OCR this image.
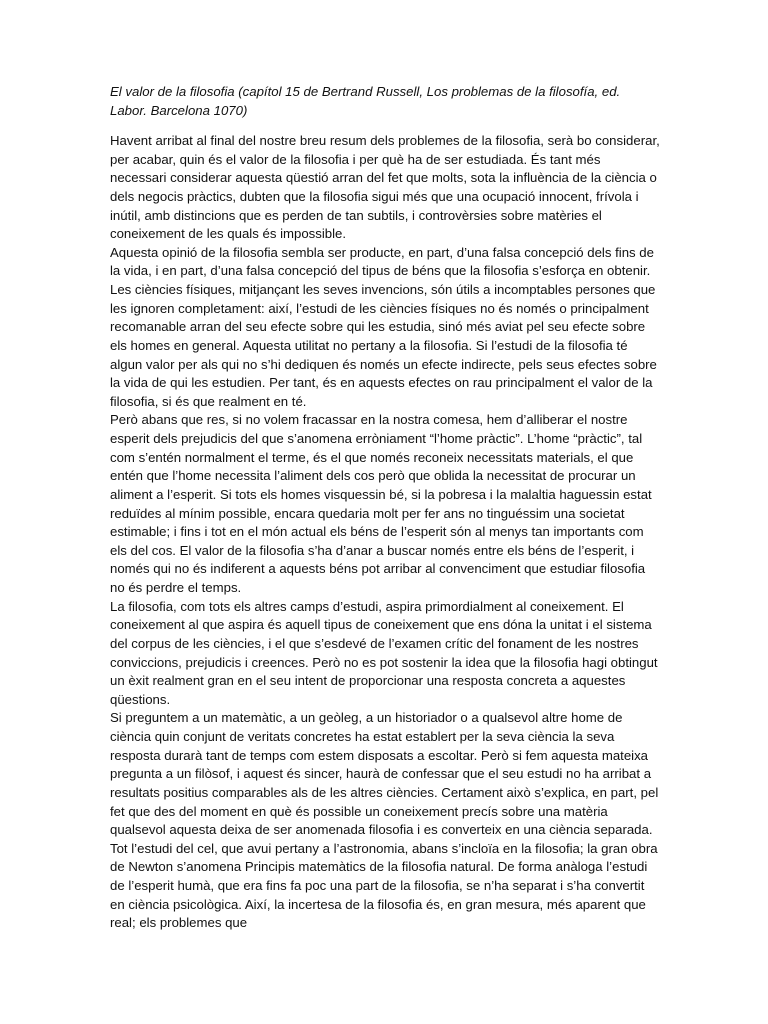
El valor de la filosofia (capítol 15 de Bertrand Russell, Los problemas de la filosofía, ed. Labor. Barcelona 1070)

Havent arribat al final del nostre breu resum dels problemes de la filosofia, serà bo considerar, per acabar, quin és el valor de la filosofia i per què ha de ser estudiada. És tant més necessari considerar aquesta qüestió arran del fet que molts, sota la influència de la ciència o dels negocis pràctics, dubten que la filosofia sigui més que una ocupació innocent, frívola i inútil, amb distincions que es perden de tan subtils, i controvèrsies sobre matèries el coneixement de les quals és impossible.

Aquesta opinió de la filosofia sembla ser producte, en part, d’una falsa concepció dels fins de la vida, i en part, d’una falsa concepció del tipus de béns que la filosofia s’esforça en obtenir. Les ciències físiques, mitjançant les seves invencions, són útils a incomptables persones que les ignoren completament: així, l’estudi de les ciències físiques no és només o principalment recomanable arran del seu efecte sobre qui les estudia, sinó més aviat pel seu efecte sobre els homes en general. Aquesta utilitat no pertany a la filosofia. Si l’estudi de la filosofia té algun valor per als qui no s’hi dediquen és només un efecte indirecte, pels seus efectes sobre la vida de qui les estudien. Per tant, és en aquests efectes on rau principalment el valor de la filosofia, si és que realment en té.

Però abans que res, si no volem fracassar en la nostra comesa, hem d’alliberar el nostre esperit dels prejudicis del que s’anomena erròniament “l’home pràctic”. L’home “pràctic”, tal com s’entén normalment el terme, és el que només reconeix necessitats materials, el que entén que l’home necessita l’aliment dels cos però que oblida la necessitat de procurar un aliment a l’esperit. Si tots els homes visquessin bé, si la pobresa i la malaltia haguessin estat reduïdes al mínim possible, encara quedaria molt per fer ans no tinguéssim una societat estimable; i fins i tot en el món actual els béns de l’esperit són al menys tan importants com els del cos. El valor de la filosofia s’ha d’anar a buscar només entre els béns de l’esperit, i només qui no és indiferent a aquests béns pot arribar al convenciment que estudiar filosofia no és perdre el temps.

La filosofia, com tots els altres camps d’estudi, aspira primordialment al coneixement. El coneixement al que aspira és aquell tipus de coneixement que ens dóna la unitat i el sistema del corpus de les ciències, i el que s’esdevé de l’examen crític del fonament de les nostres conviccions, prejudicis i creences. Però no es pot sostenir la idea que la filosofia hagi obtingut un èxit realment gran en el seu intent de proporcionar una resposta concreta a aquestes qüestions.

Si preguntem a un matemàtic, a un geòleg, a un historiador o a qualsevol altre home de ciència quin conjunt de veritats concretes ha estat establert per la seva ciència la seva resposta durarà tant de temps com estem disposats a escoltar. Però si fem aquesta mateixa pregunta a un filòsof, i aquest és sincer, haurà de confessar que el seu estudi no ha arribat a resultats positius comparables als de les altres ciències. Certament això s’explica, en part, pel fet que des del moment en què és possible un coneixement precís sobre una matèria qualsevol aquesta deixa de ser anomenada filosofia i es converteix en una ciència separada. Tot l’estudi del cel, que avui pertany a l’astronomia, abans s’incloïa en la filosofia; la gran obra de Newton s’anomena Principis matemàtics de la filosofia natural. De forma anàloga l’estudi de l’esperit humà, que era fins fa poc una part de la filosofia, se n’ha separat i s’ha convertit en ciència psicològica. Així, la incertesa de la filosofia és, en gran mesura, més aparent que real; els problemes que
